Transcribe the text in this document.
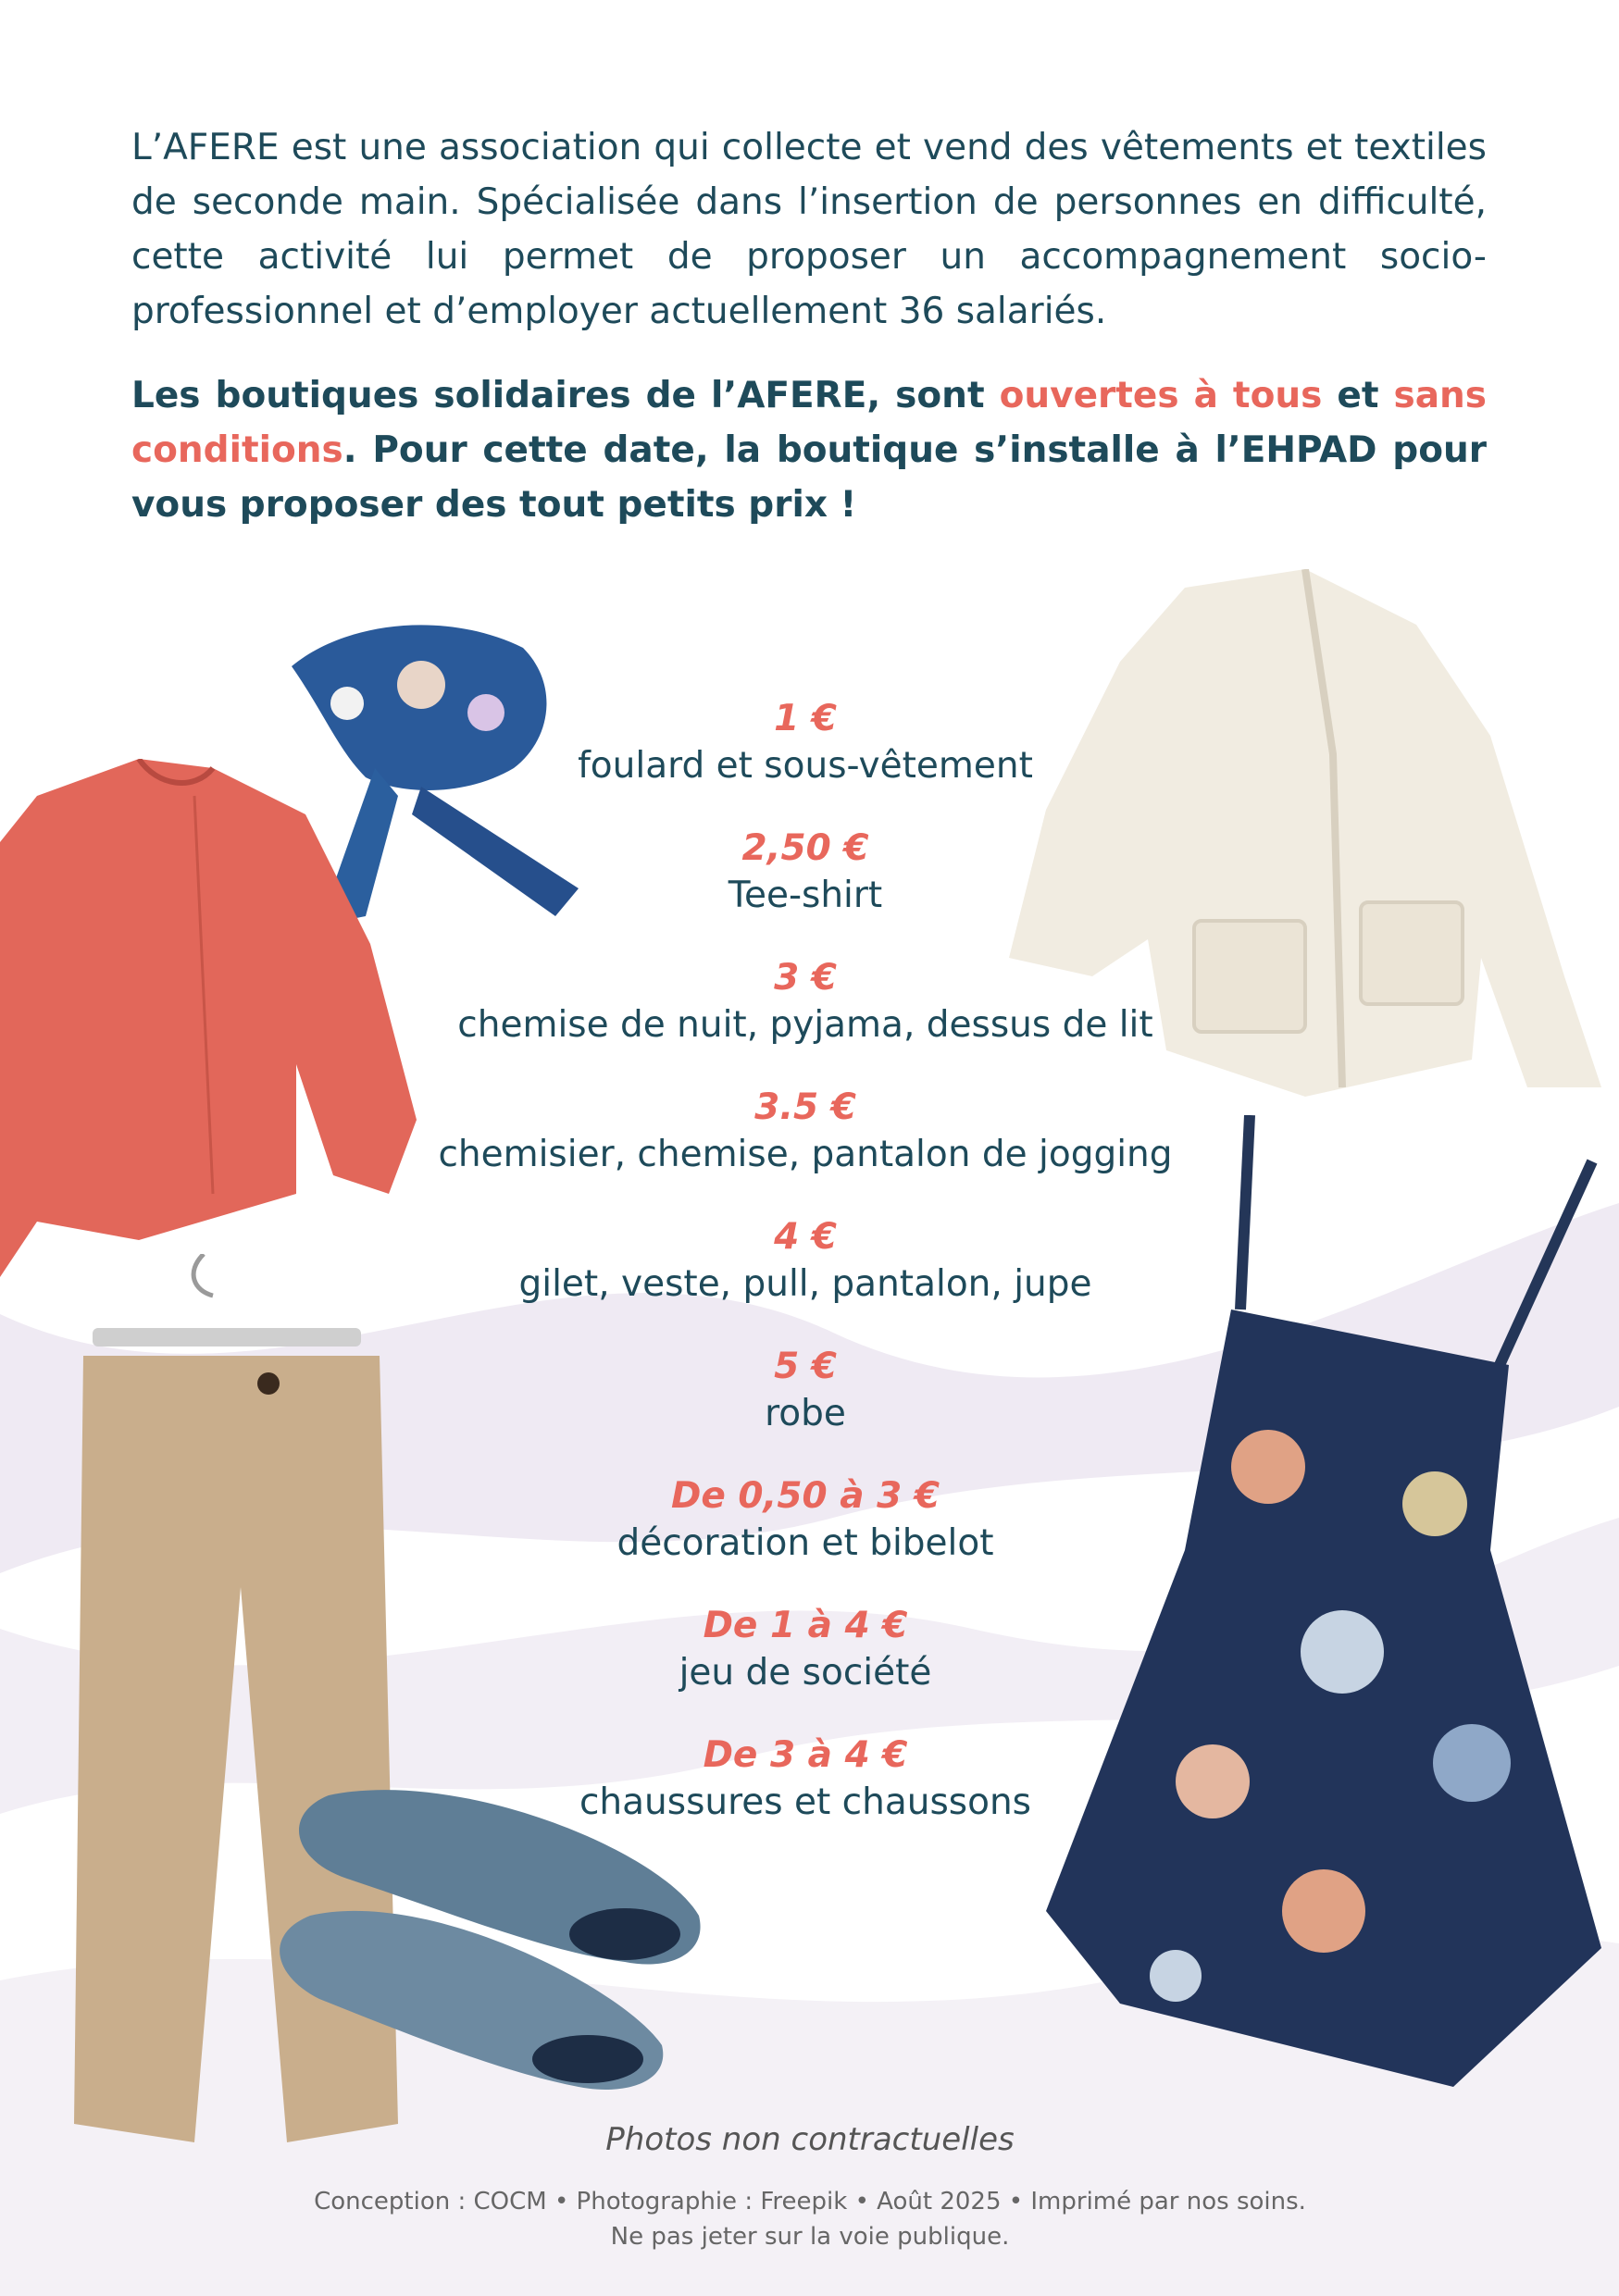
L’AFERE est une association qui collecte et vend des vêtements et textiles de seconde main. Spécialisée dans l’insertion de personnes en difficulté, cette activité lui permet de proposer un accompagnement socio-professionnel et d’employer actuellement 36 salariés.
Les boutiques solidaires de l’AFERE, sont ouvertes à tous et sans conditions. Pour cette date, la boutique s’installe à l’EHPAD pour vous proposer des tout petits prix !
1 €
foulard et sous-vêtement
2,50 €
Tee-shirt
3 €
chemise de nuit, pyjama, dessus de lit
3.5 €
chemisier, chemise, pantalon de jogging
4 €
gilet, veste, pull, pantalon, jupe
5 €
robe
De 0,50 à 3 €
décoration et bibelot
De 1 à 4 €
jeu de société
De 3 à 4 €
chaussures et chaussons
Photos non contractuelles
Conception : COCM • Photographie : Freepik • Août 2025 • Imprimé par nos soins.
Ne pas jeter sur la voie publique.
